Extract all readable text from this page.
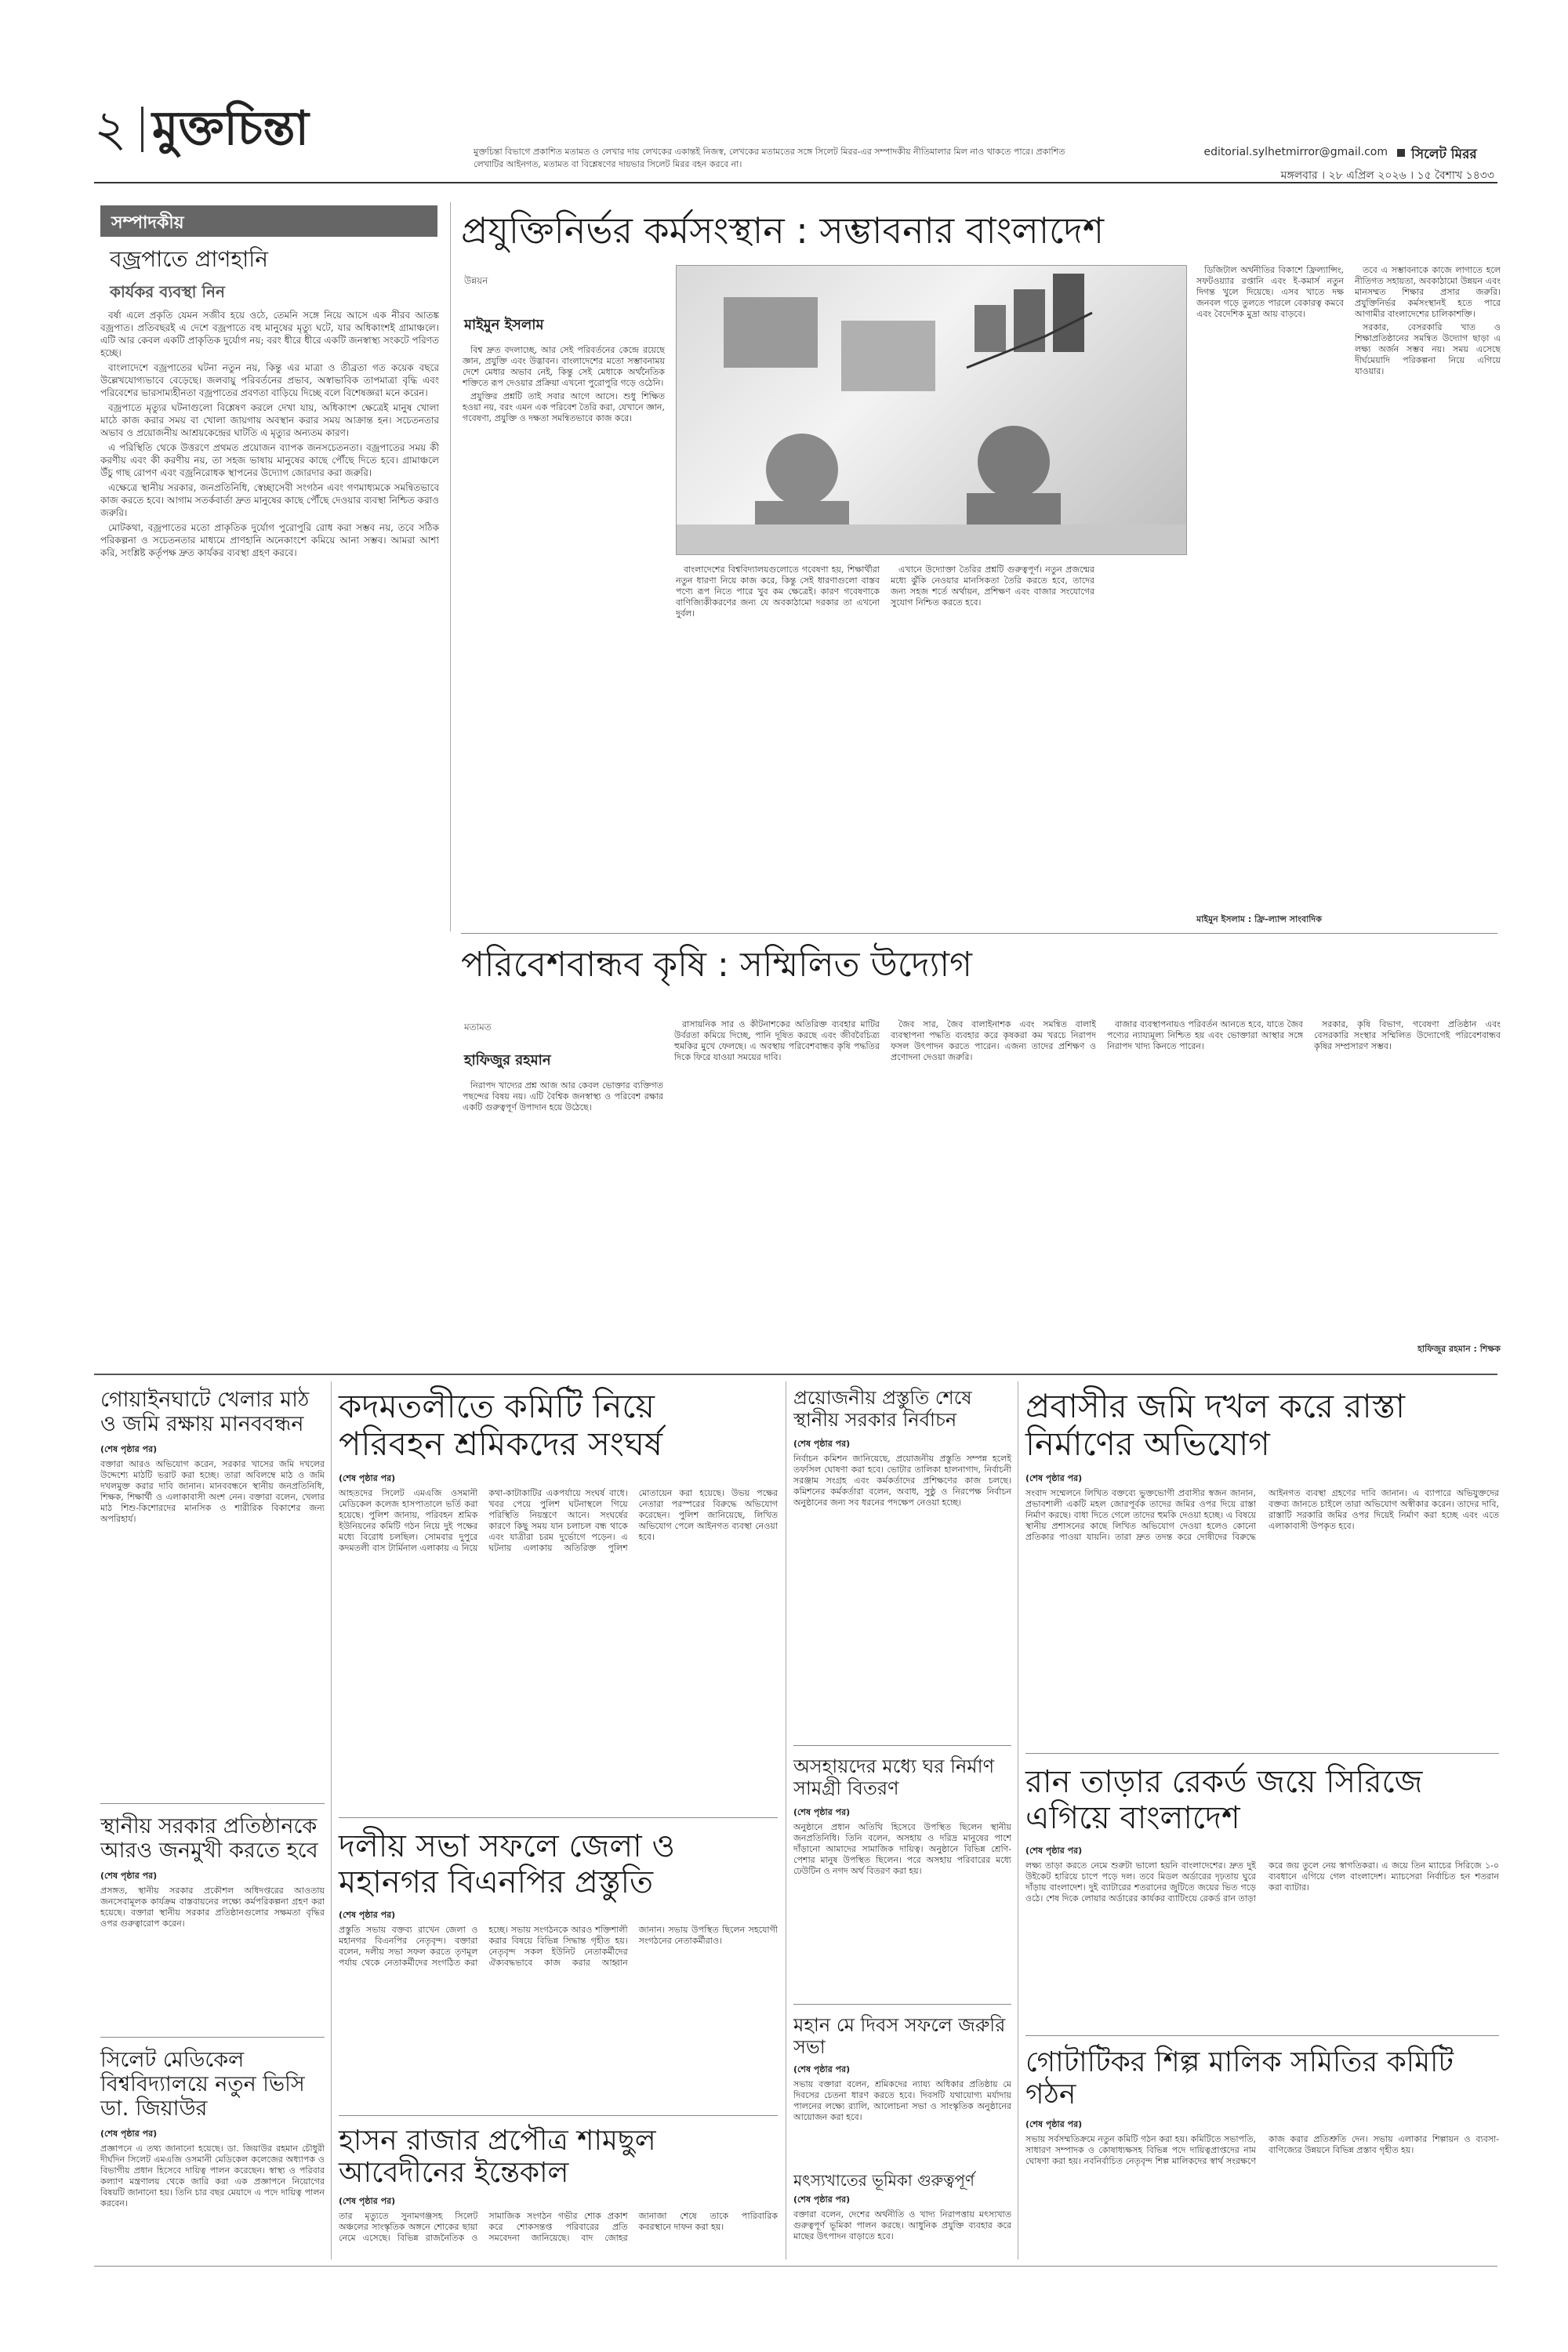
২ মুক্তচিন্তা	মুক্তচিন্তা বিভাগে প্রকাশিত মতামত ও লেখার দায় লেখকের একান্তই নিজস্ব, লেখকের মতামতের সঙ্গে সিলেট মিরর-এর সম্পাদকীয় নীতিমালার মিল নাও থাকতে পারে। প্রকাশিত লেখাটির আইনগত, মতামত বা বিশ্লেষণের দায়ভার সিলেট মিরর বহন করবে না।
editorial.sylhetmirror@gmail.com সিলেট মিরর
মঙ্গলবার । ২৮ এপ্রিল ২০২৬ । ১৫ বৈশাখ ১৪৩৩
সম্পাদকীয়
বজ্রপাতে প্রাণহানি
কার্যকর ব্যবস্থা নিন

বর্ষা এলে প্রকৃতি যেমন সজীব হয়ে ওঠে, তেমনি সঙ্গে নিয়ে আসে এক নীরব আতঙ্ক বজ্রপাত। প্রতিবছরই এ দেশে বজ্রপাতে বহু মানুষের মৃত্যু ঘটে, যার অধিকাংশই গ্রামাঞ্চলে। এটি আর কেবল একটি প্রাকৃতিক দুর্যোগ নয়; বরং ধীরে ধীরে একটি জনস্বাস্থ্য সংকটে পরিণত হচ্ছে।

বাংলাদেশে বজ্রপাতের ঘটনা নতুন নয়, কিন্তু এর মাত্রা ও তীব্রতা গত কয়েক বছরে উল্লেখযোগ্যভাবে বেড়েছে। জলবায়ু পরিবর্তনের প্রভাব, অস্বাভাবিক তাপমাত্রা বৃদ্ধি এবং পরিবেশের ভারসাম্যহীনতা বজ্রপাতের প্রবণতা বাড়িয়ে দিচ্ছে বলে বিশেষজ্ঞরা মনে করেন।

বজ্রপাতে মৃত্যুর ঘটনাগুলো বিশ্লেষণ করলে দেখা যায়, অধিকাংশ ক্ষেত্রেই মানুষ খোলা মাঠে কাজ করার সময় বা খোলা জায়গায় অবস্থান করার সময় আক্রান্ত হন। সচেতনতার অভাব ও প্রয়োজনীয় আশ্রয়কেন্দ্রের ঘাটতি এ মৃত্যুর অন্যতম কারণ।

এ পরিস্থিতি থেকে উত্তরণে প্রথমত প্রয়োজন ব্যাপক জনসচেতনতা। বজ্রপাতের সময় কী করণীয় এবং কী করণীয় নয়, তা সহজ ভাষায় মানুষের কাছে পৌঁছে দিতে হবে। গ্রামাঞ্চলে উঁচু গাছ রোপণ এবং বজ্রনিরোধক স্থাপনের উদ্যোগ জোরদার করা জরুরি।

এক্ষেত্রে স্থানীয় সরকার, জনপ্রতিনিধি, স্বেচ্ছাসেবী সংগঠন এবং গণমাধ্যমকে সমন্বিতভাবে কাজ করতে হবে। আগাম সতর্কবার্তা দ্রুত মানুষের কাছে পৌঁছে দেওয়ার ব্যবস্থা নিশ্চিত করাও জরুরি।

মোটকথা, বজ্রপাতের মতো প্রাকৃতিক দুর্যোগ পুরোপুরি রোধ করা সম্ভব নয়, তবে সঠিক পরিকল্পনা ও সচেতনতার মাধ্যমে প্রাণহানি অনেকাংশে কমিয়ে আনা সম্ভব। আমরা আশা করি, সংশ্লিষ্ট কর্তৃপক্ষ দ্রুত কার্যকর ব্যবস্থা গ্রহণ করবে।

প্রযুক্তিনির্ভর কর্মসংস্থান : সম্ভাবনার বাংলাদেশ
উন্নয়ন
মাইমুন ইসলাম

বিশ্ব দ্রুত বদলাচ্ছে, আর সেই পরিবর্তনের কেন্দ্রে রয়েছে জ্ঞান, প্রযুক্তি এবং উদ্ভাবন। বাংলাদেশের মতো সম্ভাবনাময় দেশে মেধার অভাব নেই, কিন্তু সেই মেধাকে অর্থনৈতিক শক্তিতে রূপ দেওয়ার প্রক্রিয়া এখনো পুরোপুরি গড়ে ওঠেনি।

প্রযুক্তির প্রশ্নটি তাই সবার আগে আসে। শুধু শিক্ষিত হওয়া নয়, বরং এমন এক পরিবেশ তৈরি করা, যেখানে জ্ঞান, গবেষণা, প্রযুক্তি ও দক্ষতা সমন্বিতভাবে কাজ করে।

বাংলাদেশের বিশ্ববিদ্যালয়গুলোতে গবেষণা হয়, শিক্ষার্থীরা নতুন ধারণা নিয়ে কাজ করে, কিন্তু সেই ধারণাগুলো বাস্তব পণ্যে রূপ নিতে পারে খুব কম ক্ষেত্রেই। কারণ গবেষণাকে বাণিজ্যিকীকরণের জন্য যে অবকাঠামো দরকার তা এখনো দুর্বল।

এখানে উদ্যোক্তা তৈরির প্রশ্নটি গুরুত্বপূর্ণ। নতুন প্রজন্মের মধ্যে ঝুঁকি নেওয়ার মানসিকতা তৈরি করতে হবে, তাদের জন্য সহজ শর্তে অর্থায়ন, প্রশিক্ষণ এবং বাজার সংযোগের সুযোগ নিশ্চিত করতে হবে।

ডিজিটাল অর্থনীতির বিকাশে ফ্রিল্যান্সিং, সফটওয়্যার রপ্তানি এবং ই-কমার্স নতুন দিগন্ত খুলে দিয়েছে। এসব খাতে দক্ষ জনবল গড়ে তুলতে পারলে বেকারত্ব কমবে এবং বৈদেশিক মুদ্রা আয় বাড়বে।

তবে এ সম্ভাবনাকে কাজে লাগাতে হলে নীতিগত সহায়তা, অবকাঠামো উন্নয়ন এবং মানসম্মত শিক্ষার প্রসার জরুরি। প্রযুক্তিনির্ভর কর্মসংস্থানই হতে পারে আগামীর বাংলাদেশের চালিকাশক্তি।

সরকার, বেসরকারি খাত ও শিক্ষাপ্রতিষ্ঠানের সমন্বিত উদ্যোগ ছাড়া এ লক্ষ্য অর্জন সম্ভব নয়। সময় এসেছে দীর্ঘমেয়াদি পরিকল্পনা নিয়ে এগিয়ে যাওয়ার।

মাইমুন ইসলাম : ফ্রি-ল্যান্স সাংবাদিক
পরিবেশবান্ধব কৃষি : সম্মিলিত উদ্যোগ
মতামত
হাফিজুর রহমান

নিরাপদ খাদ্যের প্রশ্ন আজ আর কেবল ভোক্তার ব্যক্তিগত পছন্দের বিষয় নয়। এটি বৈশ্বিক জনস্বাস্থ্য ও পরিবেশ রক্ষার একটি গুরুত্বপূর্ণ উপাদান হয়ে উঠেছে।

রাসায়নিক সার ও কীটনাশকের অতিরিক্ত ব্যবহার মাটির উর্বরতা কমিয়ে দিচ্ছে, পানি দূষিত করছে এবং জীববৈচিত্র্য হুমকির মুখে ফেলছে। এ অবস্থায় পরিবেশবান্ধব কৃষি পদ্ধতির দিকে ফিরে যাওয়া সময়ের দাবি।

জৈব সার, জৈব বালাইনাশক এবং সমন্বিত বালাই ব্যবস্থাপনা পদ্ধতি ব্যবহার করে কৃষকরা কম খরচে নিরাপদ ফসল উৎপাদন করতে পারেন। এজন্য তাদের প্রশিক্ষণ ও প্রণোদনা দেওয়া জরুরি।

বাজার ব্যবস্থাপনায়ও পরিবর্তন আনতে হবে, যাতে জৈব পণ্যের ন্যায্যমূল্য নিশ্চিত হয় এবং ভোক্তারা আস্থার সঙ্গে নিরাপদ খাদ্য কিনতে পারেন।

সরকার, কৃষি বিভাগ, গবেষণা প্রতিষ্ঠান এবং বেসরকারি সংস্থার সম্মিলিত উদ্যোগেই পরিবেশবান্ধব কৃষির সম্প্রসারণ সম্ভব।

হাফিজুর রহমান : শিক্ষক
গোয়াইনঘাটে খেলার মাঠ ও জমি রক্ষায় মানববন্ধন
(শেষ পৃষ্ঠার পর)
বক্তারা আরও অভিযোগ করেন, সরকার খাসের জমি দখলের উদ্দেশ্যে মাঠটি ভরাট করা হচ্ছে। তারা অবিলম্বে মাঠ ও জমি দখলমুক্ত করার দাবি জানান। মানববন্ধনে স্থানীয় জনপ্রতিনিধি, শিক্ষক, শিক্ষার্থী ও এলাকাবাসী অংশ নেন। বক্তারা বলেন, খেলার মাঠ শিশু-কিশোরদের মানসিক ও শারীরিক বিকাশের জন্য অপরিহার্য।
স্থানীয় সরকার প্রতিষ্ঠানকে আরও জনমুখী করতে হবে
(শেষ পৃষ্ঠার পর)
প্রসঙ্গত, স্থানীয় সরকার প্রকৌশল অধিদপ্তরের আওতায় জনসেবামূলক কার্যক্রম বাস্তবায়নের লক্ষ্যে কর্মপরিকল্পনা গ্রহণ করা হয়েছে। বক্তারা স্থানীয় সরকার প্রতিষ্ঠানগুলোর সক্ষমতা বৃদ্ধির ওপর গুরুত্বারোপ করেন।
সিলেট মেডিকেল বিশ্ববিদ্যালয়ে নতুন ভিসি ডা. জিয়াউর
(শেষ পৃষ্ঠার পর)
প্রজ্ঞাপনে এ তথ্য জানানো হয়েছে। ডা. জিয়াউর রহমান চৌধুরী দীর্ঘদিন সিলেট এমএজি ওসমানী মেডিকেল কলেজের অধ্যাপক ও বিভাগীয় প্রধান হিসেবে দায়িত্ব পালন করেছেন। স্বাস্থ্য ও পরিবার কল্যাণ মন্ত্রণালয় থেকে জারি করা এক প্রজ্ঞাপনে নিয়োগের বিষয়টি জানানো হয়। তিনি চার বছর মেয়াদে এ পদে দায়িত্ব পালন করবেন।
কদমতলীতে কমিটি নিয়ে পরিবহন শ্রমিকদের সংঘর্ষ
(শেষ পৃষ্ঠার পর)
আহতদের সিলেট এমএজি ওসমানী মেডিকেল কলেজ হাসপাতালে ভর্তি করা হয়েছে। পুলিশ জানায়, পরিবহন শ্রমিক ইউনিয়নের কমিটি গঠন নিয়ে দুই পক্ষের মধ্যে বিরোধ চলছিল। সোমবার দুপুরে কদমতলী বাস টার্মিনাল এলাকায় এ নিয়ে কথা-কাটাকাটির একপর্যায়ে সংঘর্ষ বাধে। খবর পেয়ে পুলিশ ঘটনাস্থলে গিয়ে পরিস্থিতি নিয়ন্ত্রণে আনে। সংঘর্ষের কারণে কিছু সময় যান চলাচল বন্ধ থাকে এবং যাত্রীরা চরম দুর্ভোগে পড়েন। এ ঘটনায় এলাকায় অতিরিক্ত পুলিশ মোতায়েন করা হয়েছে। উভয় পক্ষের নেতারা পরস্পরের বিরুদ্ধে অভিযোগ করেছেন। পুলিশ জানিয়েছে, লিখিত অভিযোগ পেলে আইনগত ব্যবস্থা নেওয়া হবে।
দলীয় সভা সফলে জেলা ও মহানগর বিএনপির প্রস্তুতি
(শেষ পৃষ্ঠার পর)
প্রস্তুতি সভায় বক্তব্য রাখেন জেলা ও মহানগর বিএনপির নেতৃবৃন্দ। বক্তারা বলেন, দলীয় সভা সফল করতে তৃণমূল পর্যায় থেকে নেতাকর্মীদের সংগঠিত করা হচ্ছে। সভায় সংগঠনকে আরও শক্তিশালী করার বিষয়ে বিভিন্ন সিদ্ধান্ত গৃহীত হয়। নেতৃবৃন্দ সকল ইউনিট নেতাকর্মীদের ঐক্যবদ্ধভাবে কাজ করার আহ্বান জানান। সভায় উপস্থিত ছিলেন সহযোগী সংগঠনের নেতাকর্মীরাও।
হাসন রাজার প্রপৌত্র শামছুল আবেদীনের ইন্তেকাল
(শেষ পৃষ্ঠার পর)
তার মৃত্যুতে সুনামগঞ্জসহ সিলেট অঞ্চলের সাংস্কৃতিক অঙ্গনে শোকের ছায়া নেমে এসেছে। বিভিন্ন রাজনৈতিক ও সামাজিক সংগঠন গভীর শোক প্রকাশ করে শোকসন্তপ্ত পরিবারের প্রতি সমবেদনা জানিয়েছে। বাদ জোহর জানাজা শেষে তাকে পারিবারিক কবরস্থানে দাফন করা হয়।
প্রয়োজনীয় প্রস্তুতি শেষে স্থানীয় সরকার নির্বাচন
(শেষ পৃষ্ঠার পর)
নির্বাচন কমিশন জানিয়েছে, প্রয়োজনীয় প্রস্তুতি সম্পন্ন হলেই তফসিল ঘোষণা করা হবে। ভোটার তালিকা হালনাগাদ, নির্বাচনী সরঞ্জাম সংগ্রহ এবং কর্মকর্তাদের প্রশিক্ষণের কাজ চলছে। কমিশনের কর্মকর্তারা বলেন, অবাধ, সুষ্ঠু ও নিরপেক্ষ নির্বাচন অনুষ্ঠানের জন্য সব ধরনের পদক্ষেপ নেওয়া হচ্ছে।
অসহায়দের মধ্যে ঘর নির্মাণ সামগ্রী বিতরণ
(শেষ পৃষ্ঠার পর)
অনুষ্ঠানে প্রধান অতিথি হিসেবে উপস্থিত ছিলেন স্থানীয় জনপ্রতিনিধি। তিনি বলেন, অসহায় ও দরিদ্র মানুষের পাশে দাঁড়ানো আমাদের সামাজিক দায়িত্ব। অনুষ্ঠানে বিভিন্ন শ্রেণি-পেশার মানুষ উপস্থিত ছিলেন। পরে অসহায় পরিবারের মধ্যে ঢেউটিন ও নগদ অর্থ বিতরণ করা হয়।
মহান মে দিবস সফলে জরুরি সভা
(শেষ পৃষ্ঠার পর)
সভায় বক্তারা বলেন, শ্রমিকদের ন্যায্য অধিকার প্রতিষ্ঠায় মে দিবসের চেতনা ধারণ করতে হবে। দিবসটি যথাযোগ্য মর্যাদায় পালনের লক্ষ্যে র‍্যালি, আলোচনা সভা ও সাংস্কৃতিক অনুষ্ঠানের আয়োজন করা হবে।
মৎস্যখাতের ভূমিকা গুরুত্বপূর্ণ
(শেষ পৃষ্ঠার পর)
বক্তারা বলেন, দেশের অর্থনীতি ও খাদ্য নিরাপত্তায় মৎস্যখাত গুরুত্বপূর্ণ ভূমিকা পালন করছে। আধুনিক প্রযুক্তি ব্যবহার করে মাছের উৎপাদন বাড়াতে হবে।
প্রবাসীর জমি দখল করে রাস্তা নির্মাণের অভিযোগ
(শেষ পৃষ্ঠার পর)
সংবাদ সম্মেলনে লিখিত বক্তব্যে ভুক্তভোগী প্রবাসীর স্বজন জানান, প্রভাবশালী একটি মহল জোরপূর্বক তাদের জমির ওপর দিয়ে রাস্তা নির্মাণ করছে। বাধা দিতে গেলে তাদের হুমকি দেওয়া হচ্ছে। এ বিষয়ে স্থানীয় প্রশাসনের কাছে লিখিত অভিযোগ দেওয়া হলেও কোনো প্রতিকার পাওয়া যায়নি। তারা দ্রুত তদন্ত করে দোষীদের বিরুদ্ধে আইনগত ব্যবস্থা গ্রহণের দাবি জানান। এ ব্যাপারে অভিযুক্তদের বক্তব্য জানতে চাইলে তারা অভিযোগ অস্বীকার করেন। তাদের দাবি, রাস্তাটি সরকারি জমির ওপর দিয়েই নির্মাণ করা হচ্ছে এবং এতে এলাকাবাসী উপকৃত হবে।
রান তাড়ার রেকর্ড জয়ে সিরিজে এগিয়ে বাংলাদেশ
(শেষ পৃষ্ঠার পর)
লক্ষ্য তাড়া করতে নেমে শুরুটা ভালো হয়নি বাংলাদেশের। দ্রুত দুই উইকেট হারিয়ে চাপে পড়ে দল। তবে মিডল অর্ডারের দৃঢ়তায় ঘুরে দাঁড়ায় বাংলাদেশ। দুই ব্যাটারের শতরানের জুটিতে জয়ের ভিত গড়ে ওঠে। শেষ দিকে লোয়ার অর্ডারের কার্যকর ব্যাটিংয়ে রেকর্ড রান তাড়া করে জয় তুলে নেয় স্বাগতিকরা। এ জয়ে তিন ম্যাচের সিরিজে ১-০ ব্যবধানে এগিয়ে গেল বাংলাদেশ। ম্যাচসেরা নির্বাচিত হন শতরান করা ব্যাটার।
গোটাটিকর শিল্প মালিক সমিতির কমিটি গঠন
(শেষ পৃষ্ঠার পর)
সভায় সর্বসম্মতিক্রমে নতুন কমিটি গঠন করা হয়। কমিটিতে সভাপতি, সাধারণ সম্পাদক ও কোষাধ্যক্ষসহ বিভিন্ন পদে দায়িত্বপ্রাপ্তদের নাম ঘোষণা করা হয়। নবনির্বাচিত নেতৃবৃন্দ শিল্প মালিকদের স্বার্থ সংরক্ষণে কাজ করার প্রতিশ্রুতি দেন। সভায় এলাকার শিল্পায়ন ও ব্যবসা-বাণিজ্যের উন্নয়নে বিভিন্ন প্রস্তাব গৃহীত হয়।
